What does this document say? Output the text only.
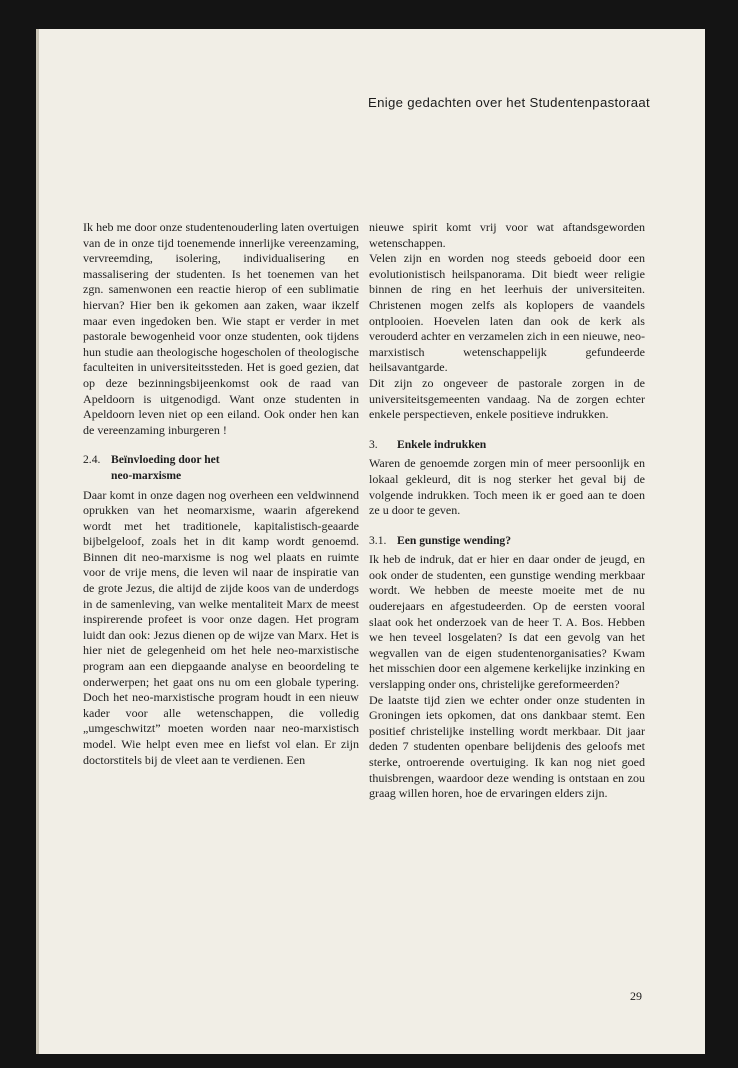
Enige gedachten over het Studentenpastoraat

Ik heb me door onze studentenouderling laten overtuigen van de in onze tijd toenemende innerlijke vereenzaming, vervreemding, isolering, individualisering en massalisering der studenten. Is het toenemen van het zgn. samenwonen een reactie hierop of een sublimatie hiervan? Hier ben ik gekomen aan zaken, waar ikzelf maar even ingedoken ben. Wie stapt er verder in met pastorale bewogenheid voor onze studenten, ook tijdens hun studie aan theologische hogescholen of theologische faculteiten in universiteitssteden. Het is goed gezien, dat op deze bezinningsbijeenkomst ook de raad van Apeldoorn is uitgenodigd. Want onze studenten in Apeldoorn leven niet op een eiland. Ook onder hen kan de vereenzaming inburgeren !

2.4. Beïnvloeding door het
neo-marxisme

Daar komt in onze dagen nog overheen een veldwinnend oprukken van het neomarxisme, waarin afgerekend wordt met het traditionele, kapitalistisch-geaarde bijbelgeloof, zoals het in dit kamp wordt genoemd. Binnen dit neo-marxisme is nog wel plaats en ruimte voor de vrije mens, die leven wil naar de inspiratie van de grote Jezus, die altijd de zijde koos van de underdogs in de samenleving, van welke mentaliteit Marx de meest inspirerende profeet is voor onze dagen. Het program luidt dan ook: Jezus dienen op de wijze van Marx. Het is hier niet de gelegenheid om het hele neo-marxistische program aan een diepgaande analyse en beoordeling te onderwerpen; het gaat ons nu om een globale typering. Doch het neo-marxistische program houdt in een nieuw kader voor alle wetenschappen, die volledig „umgeschwitzt” moeten worden naar neo-marxistisch model. Wie helpt even mee en liefst vol elan. Er zijn doctorstitels bij de vleet aan te verdienen. Een

nieuwe spirit komt vrij voor wat aftandsgeworden wetenschappen.

Velen zijn en worden nog steeds geboeid door een evolutionistisch heilspanorama. Dit biedt weer religie binnen de ring en het leerhuis der universiteiten. Christenen mogen zelfs als koplopers de vaandels ontplooien. Hoevelen laten dan ook de kerk als verouderd achter en verzamelen zich in een nieuwe, neo-marxistisch wetenschappelijk gefundeerde heilsavantgarde.

Dit zijn zo ongeveer de pastorale zorgen in de universiteitsgemeenten vandaag. Na de zorgen echter enkele perspectieven, enkele positieve indrukken.

3.	Enkele indrukken

Waren de genoemde zorgen min of meer persoonlijk en lokaal gekleurd, dit is nog sterker het geval bij de volgende indrukken. Toch meen ik er goed aan te doen ze u door te geven.

3.1. Een gunstige wending?

Ik heb de indruk, dat er hier en daar onder de jeugd, en ook onder de studenten, een gunstige wending merkbaar wordt. We hebben de meeste moeite met de nu ouderejaars en afgestudeerden. Op de eersten vooral slaat ook het onderzoek van de heer T. A. Bos. Hebben we hen teveel losgelaten? Is dat een gevolg van het wegvallen van de eigen studentenorganisaties? Kwam het misschien door een algemene kerkelijke inzinking en verslapping onder ons, christelijke gereformeerden?

De laatste tijd zien we echter onder onze studenten in Groningen iets opkomen, dat ons dankbaar stemt. Een positief christelijke instelling wordt merkbaar. Dit jaar deden 7 studenten openbare belijdenis des geloofs met sterke, ontroerende overtuiging. Ik kan nog niet goed thuisbrengen, waardoor deze wending is ontstaan en zou graag willen horen, hoe de ervaringen elders zijn.

29
